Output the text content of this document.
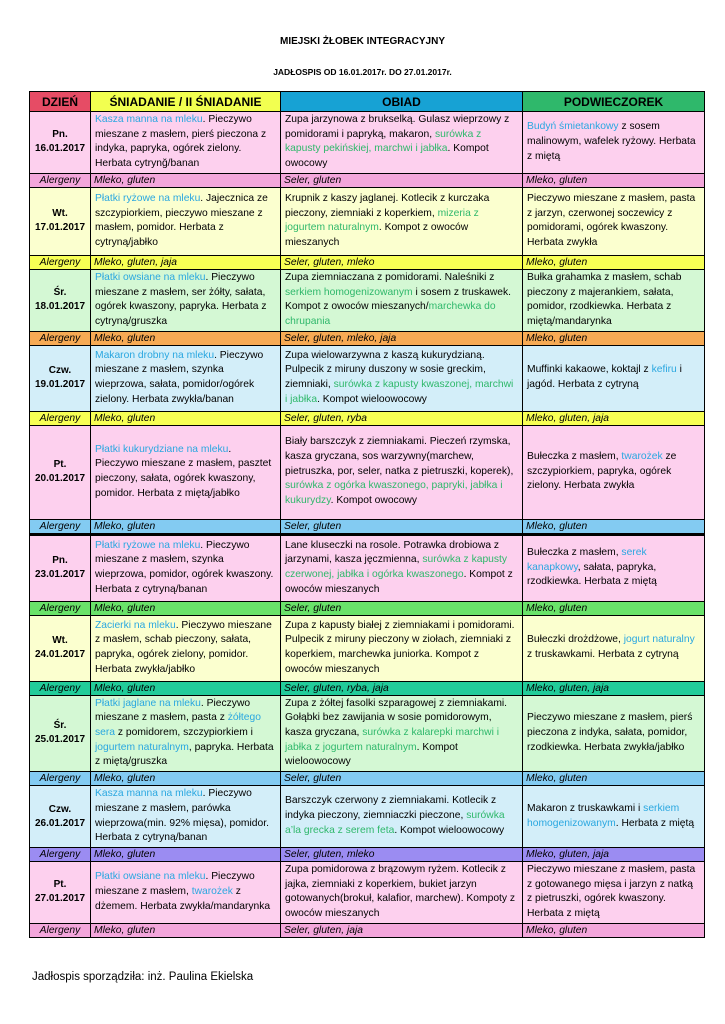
MIEJSKI ŻŁOBEK INTEGRACYJNY
JADŁOSPIS OD 16.01.2017r. DO 27.01.2017r.
DZIEŃ	ŚNIADANIE / II ŚNIADANIE	OBIAD	PODWIECZOREK

Pn.
16.01.2017	Kasza manna na mleku. Pieczywo mieszane z masłem, pierś pieczona z indyka, papryka, ogórek zielony. Herbata cytrynğ/banan	Zupa jarzynowa z brukselką. Gulasz wieprzowy z pomidorami i papryką, makaron, surówka z kapusty pekińskiej, marchwi i jabłka. Kompot owocowy	Budyń śmietankowy z sosem malinowym, wafelek ryżowy. Herbata z miętą
Alergeny	Mleko, gluten	Seler, gluten	Mleko, gluten

Wt.
17.01.2017	Płatki ryżowe na mleku. Jajecznica ze szczypiorkiem, pieczywo mieszane z masłem, pomidor. Herbata z cytryną/jabłko	Krupnik z kaszy jaglanej. Kotlecik z kurczaka pieczony, ziemniaki z koperkiem, mizeria z jogurtem naturalnym. Kompot z owoców mieszanych	Pieczywo mieszane z masłem, pasta z jarzyn, czerwonej soczewicy z pomidorami, ogórek kwaszony. Herbata zwykła
Alergeny	Mleko, gluten, jaja	Seler, gluten, mleko	Mleko, gluten

Śr.
18.01.2017	Płatki owsiane na mleku. Pieczywo mieszane z masłem, ser żółty, sałata, ogórek kwaszony, papryka. Herbata z cytryną/gruszka	Zupa ziemniaczana z pomidorami. Naleśniki z serkiem homogenizowanym i sosem z truskawek. Kompot z owoców mieszanych/marchewka do chrupania	Bułka grahamka z masłem, schab pieczony z majerankiem, sałata, pomidor, rzodkiewka. Herbata z miętą/mandarynka
Alergeny	Mleko, gluten	Seler, gluten, mleko, jaja	Mleko, gluten

Czw.
19.01.2017	Makaron drobny na mleku. Pieczywo mieszane z masłem, szynka wieprzowa, sałata, pomidor/ogórek zielony. Herbata zwykła/banan	Zupa wielowarzywna z kaszą kukurydzianą. Pulpecik z miruny duszony w sosie greckim, ziemniaki, surówka z kapusty kwaszonej, marchwi i jabłka. Kompot wieloowocowy	Muffinki kakaowe, koktajl z kefiru i jagód. Herbata z cytryną
Alergeny	Mleko, gluten	Seler, gluten, ryba	Mleko, gluten, jaja

Pt.
20.01.2017	Płatki kukurydziane na mleku. Pieczywo mieszane z masłem, pasztet pieczony, sałata, ogórek kwaszony, pomidor. Herbata z miętą/jabłko	Biały barszczyk z ziemniakami. Pieczeń rzymska, kasza gryczana, sos warzywny(marchew, pietruszka, por, seler, natka z pietruszki, koperek), surówka z ogórka kwaszonego, papryki, jabłka i kukurydzy. Kompot owocowy	Bułeczka z masłem, twarożek ze szczypiorkiem, papryka, ogórek zielony. Herbata zwykła
Alergeny	Mleko, gluten	Seler, gluten	Mleko, gluten

Pn.
23.01.2017	Płatki ryżowe na mleku. Pieczywo mieszane z masłem, szynka wieprzowa, pomidor, ogórek kwaszony. Herbata z cytryną/banan	Lane kluseczki na rosole. Potrawka drobiowa z jarzynami, kasza jęczmienna, surówka z kapusty czerwonej, jabłka i ogórka kwaszonego. Kompot z owoców mieszanych	Bułeczka z masłem, serek kanapkowy, sałata, papryka, rzodkiewka. Herbata z miętą
Alergeny	Mleko, gluten	Seler, gluten	Mleko, gluten

Wt.
24.01.2017	Zacierki na mleku. Pieczywo mieszane z masłem, schab pieczony, sałata, papryka, ogórek zielony, pomidor. Herbata zwykła/jabłko	Zupa z kapusty białej z ziemniakami i pomidorami. Pulpecik z miruny pieczony w ziołach, ziemniaki z koperkiem, marchewka juniorka. Kompot z owoców mieszanych	Bułeczki drożdżowe, jogurt naturalny z truskawkami. Herbata z cytryną
Alergeny	Mleko, gluten	Seler, gluten, ryba, jaja	Mleko, gluten, jaja

Śr.
25.01.2017	Płatki jaglane na mleku. Pieczywo mieszane z masłem, pasta z żółtego sera z pomidorem, szczypiorkiem i jogurtem naturalnym, papryka. Herbata z miętą/gruszka	Zupa z żółtej fasolki szparagowej z ziemniakami. Gołąbki bez zawijania w sosie pomidorowym, kasza gryczana, surówka z kalarepki marchwi i jabłka z jogurtem naturalnym. Kompot wieloowocowy	Pieczywo mieszane z masłem, pierś pieczona z indyka, sałata, pomidor, rzodkiewka. Herbata zwykła/jabłko
Alergeny	Mleko, gluten	Seler, gluten	Mleko, gluten

Czw.
26.01.2017	Kasza manna na mleku. Pieczywo mieszane z masłem, parówka wieprzowa(min. 92% mięsa), pomidor. Herbata z cytryną/banan	Barszczyk czerwony z ziemniakami. Kotlecik z indyka pieczony, ziemniaczki pieczone, surówka a’la grecka z serem feta. Kompot wieloowocowy	Makaron z truskawkami i serkiem homogenizowanym. Herbata z miętą
Alergeny	Mleko, gluten	Seler, gluten, mleko	Mleko, gluten, jaja

Pt.
27.01.2017	Płatki owsiane na mleku. Pieczywo mieszane z masłem, twarożek z dżemem. Herbata zwykła/mandarynka	Zupa pomidorowa z brązowym ryżem. Kotlecik z jajka, ziemniaki z koperkiem, bukiet jarzyn gotowanych(brokuł, kalafior, marchew). Kompoty z owoców mieszanych	Pieczywo mieszane z masłem, pasta z gotowanego mięsa i jarzyn z natką z pietruszki, ogórek kwaszony. Herbata z miętą
Alergeny	Mleko, gluten	Seler, gluten, jaja	Mleko, gluten
Jadłospis sporządziła: inż. Paulina Ekielska
